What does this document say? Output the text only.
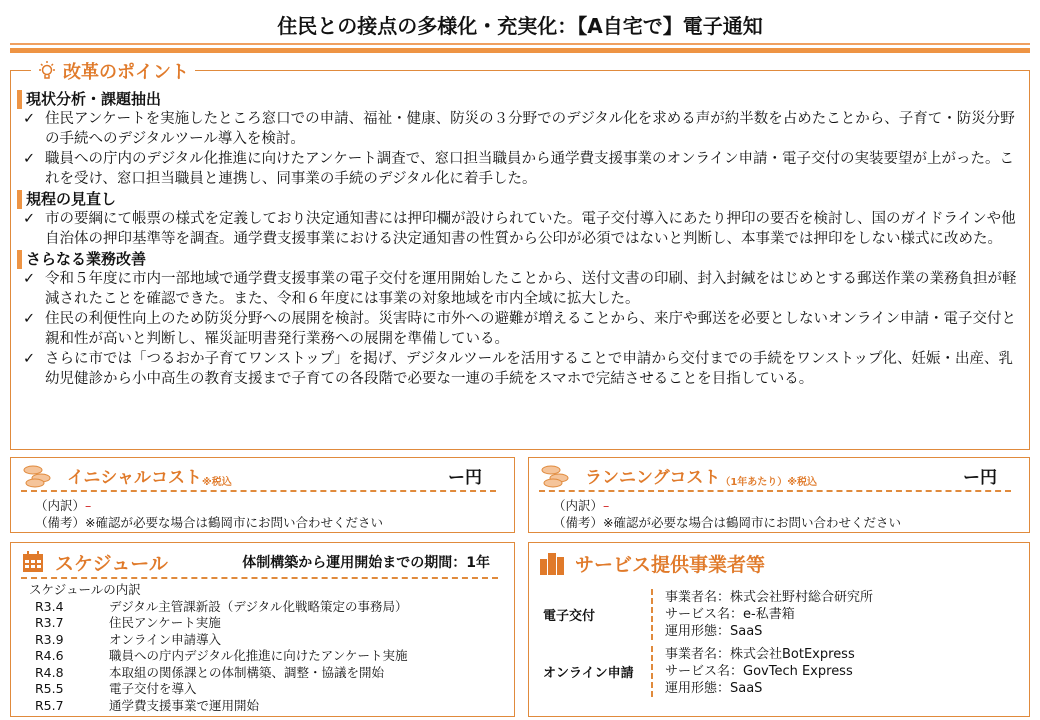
住民との接点の多様化・充実化：【A自宅で】電子通知
改革のポイント
現状分析・課題抽出
✓ 住民アンケートを実施したところ窓口での申請、福祉・健康、防災の３分野でのデジタル化を求める声が約半数を占めたことから、子育て・防災分野の手続へのデジタルツール導入を検討。
✓ 職員への庁内のデジタル化推進に向けたアンケート調査で、窓口担当職員から通学費支援事業のオンライン申請・電子交付の実装要望が上がった。これを受け、窓口担当職員と連携し、同事業の手続のデジタル化に着手した。
規程の見直し
✓ 市の要綱にて帳票の様式を定義しており決定通知書には押印欄が設けられていた。電子交付導入にあたり押印の要否を検討し、国のガイドラインや他自治体の押印基準等を調査。通学費支援事業における決定通知書の性質から公印が必須ではないと判断し、本事業では押印をしない様式に改めた。
さらなる業務改善
✓ 令和５年度に市内一部地域で通学費支援事業の電子交付を運用開始したことから、送付文書の印刷、封入封緘をはじめとする郵送作業の業務負担が軽減されたことを確認できた。また、令和６年度には事業の対象地域を市内全域に拡大した。
✓ 住民の利便性向上のため防災分野への展開を検討。災害時に市外への避難が増えることから、来庁や郵送を必要としないオンライン申請・電子交付と親和性が高いと判断し、罹災証明書発行業務への展開を準備している。
✓ さらに市では「つるおか子育てワンストップ」を掲げ、デジタルツールを活用することで申請から交付までの手続をワンストップ化、妊娠・出産、乳幼児健診から小中高生の教育支援まで子育ての各段階で必要な一連の手続をスマホで完結させることを目指している。
イニシャルコスト ※税込	ー円
（内訳）–
（備考）※確認が必要な場合は鶴岡市にお問い合わせください
ランニングコスト （1年あたり） ※税込	ー円
（内訳）–
（備考）※確認が必要な場合は鶴岡市にお問い合わせください
スケジュール	体制構築から運用開始までの期間：1年
スケジュールの内訳
R3.4	デジタル主管課新設（デジタル化戦略策定の事務局）
R3.7	住民アンケート実施
R3.9	オンライン申請導入
R4.6	職員への庁内デジタル化推進に向けたアンケート実施
R4.8	本取組の関係課との体制構築、調整・協議を開始
R5.5	電子交付を導入
R5.7	通学費支援事業で運用開始
サービス提供事業者等
電子交付
事業者名：株式会社野村総合研究所
サービス名：e-私書箱
運用形態：SaaS
オンライン申請
事業者名：株式会社BotExpress
サービス名：GovTech Express
運用形態：SaaS
